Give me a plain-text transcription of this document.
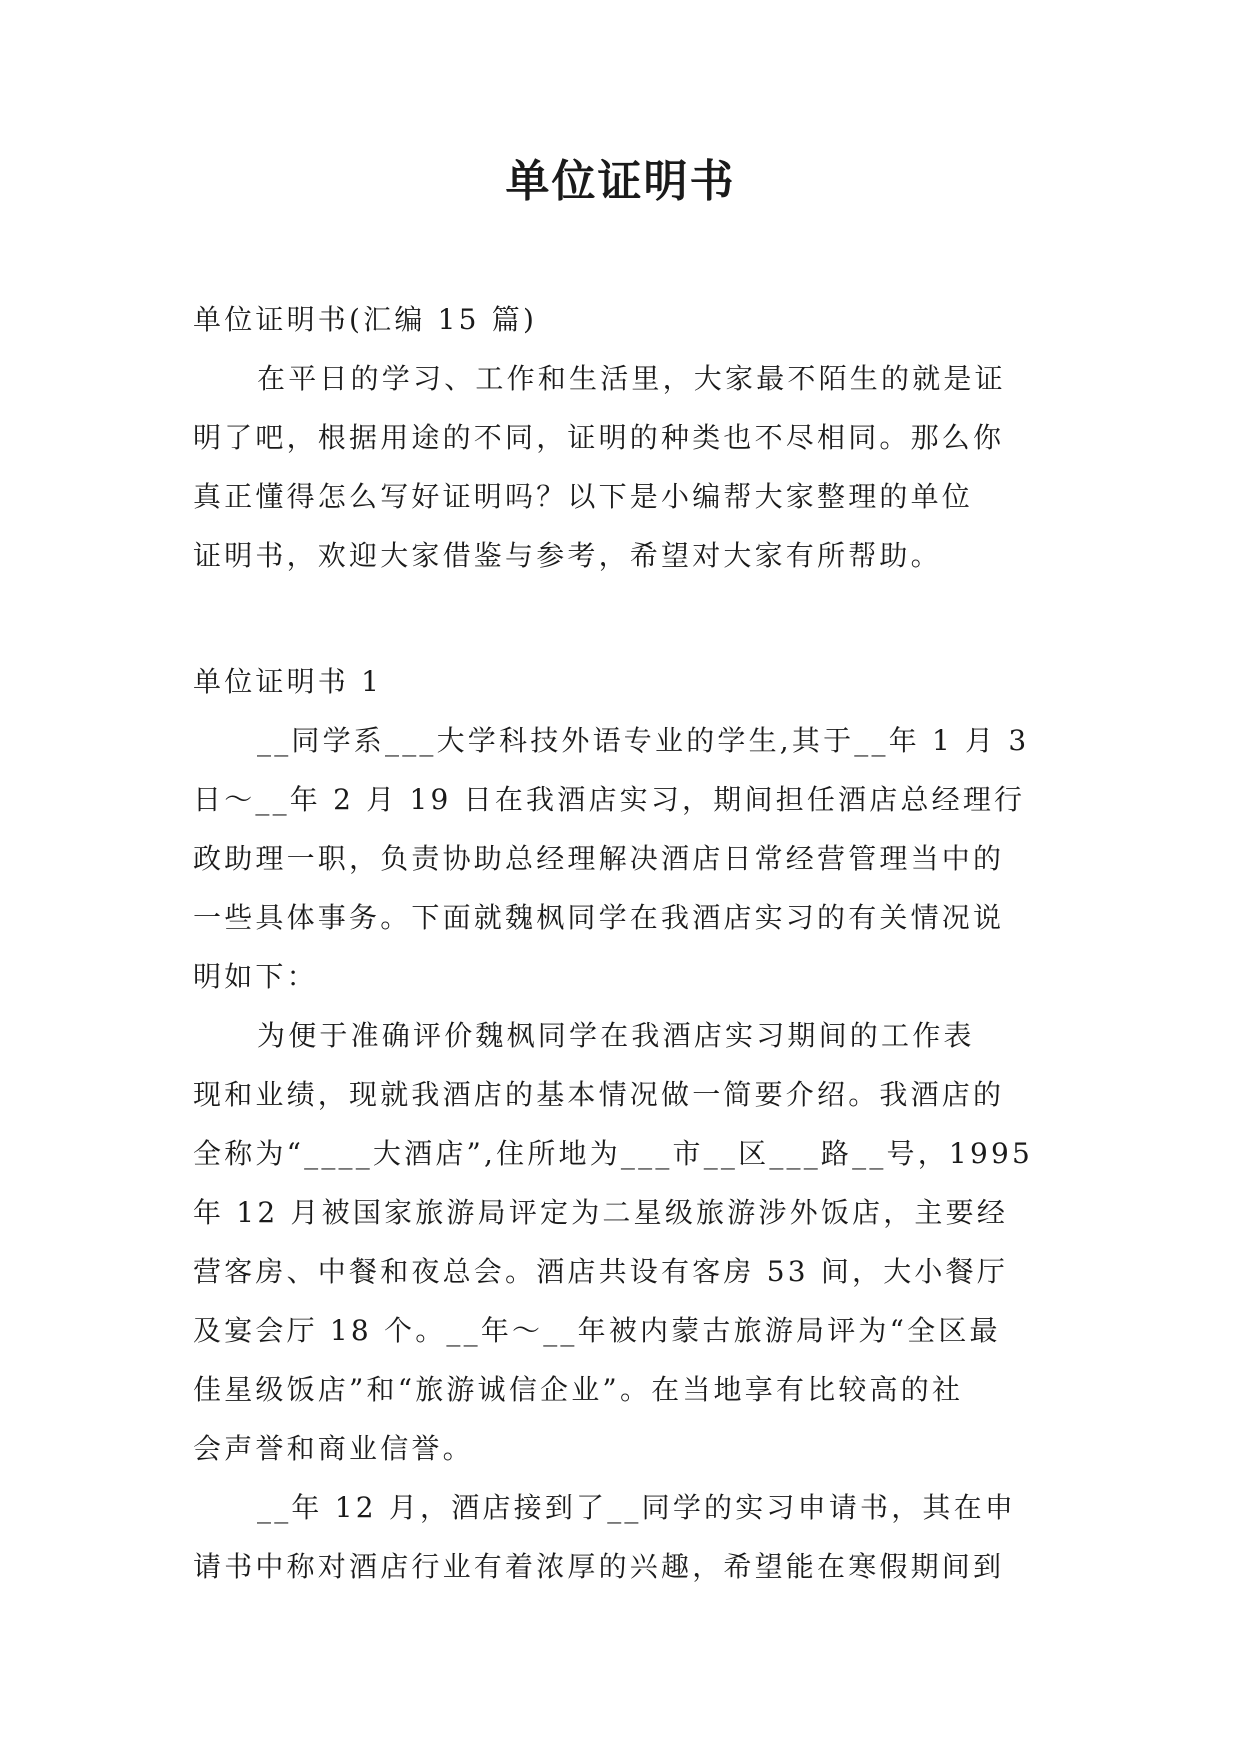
单位证明书
单位证明书(汇编 15 篇)
在平日的学习、工作和生活里，大家最不陌生的就是证
明了吧，根据用途的不同，证明的种类也不尽相同。那么你
真正懂得怎么写好证明吗？以下是小编帮大家整理的单位
证明书，欢迎大家借鉴与参考，希望对大家有所帮助。
单位证明书 1
__同学系___大学科技外语专业的学生,其于__年 1 月 3
日～__年 2 月 19 日在我酒店实习，期间担任酒店总经理行
政助理一职，负责协助总经理解决酒店日常经营管理当中的
一些具体事务。下面就魏枫同学在我酒店实习的有关情况说
明如下：
为便于准确评价魏枫同学在我酒店实习期间的工作表
现和业绩，现就我酒店的基本情况做一简要介绍。我酒店的
全称为“____大酒店”,住所地为___市__区___路__号，1995
年 12 月被国家旅游局评定为二星级旅游涉外饭店，主要经
营客房、中餐和夜总会。酒店共设有客房 53 间，大小餐厅
及宴会厅 18 个。__年～__年被内蒙古旅游局评为“全区最
佳星级饭店”和“旅游诚信企业”。在当地享有比较高的社
会声誉和商业信誉。
__年 12 月，酒店接到了__同学的实习申请书，其在申
请书中称对酒店行业有着浓厚的兴趣，希望能在寒假期间到
